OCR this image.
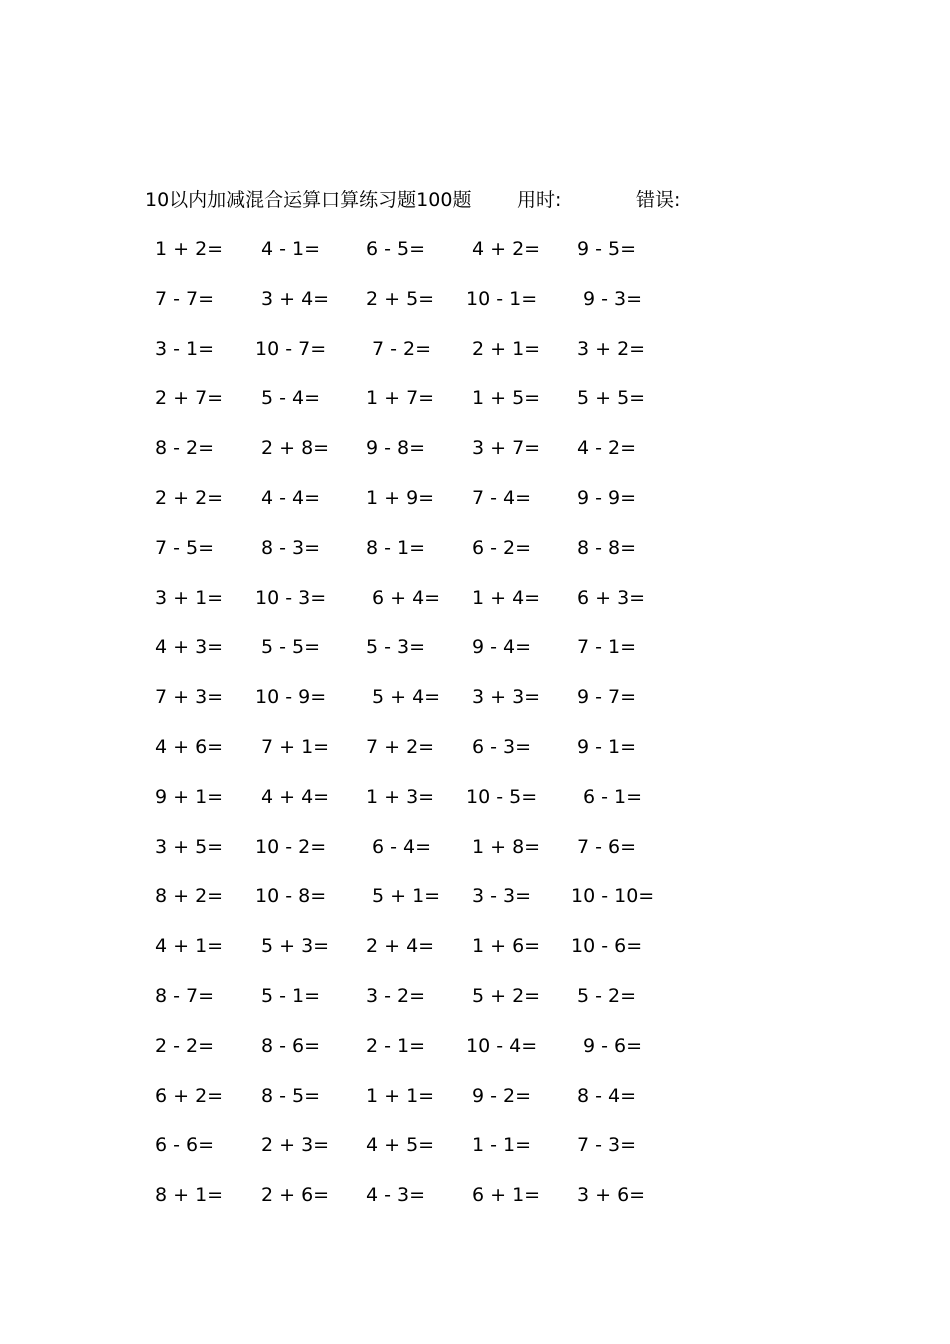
10以内加减混合运算口算练习题100题 用时:	错误:
1 + 2= 4 - 1= 6 - 5= 4 + 2= 9 - 5=
7 - 7= 3 + 4= 2 + 5= 10 - 1= 9 - 3=
3 - 1= 10 - 7= 7 - 2= 2 + 1= 3 + 2=
2 + 7= 5 - 4= 1 + 7= 1 + 5= 5 + 5=
8 - 2= 2 + 8= 9 - 8= 3 + 7= 4 - 2=
2 + 2= 4 - 4= 1 + 9= 7 - 4= 9 - 9=
7 - 5= 8 - 3= 8 - 1= 6 - 2= 8 - 8=
3 + 1= 10 - 3= 6 + 4= 1 + 4= 6 + 3=
4 + 3= 5 - 5= 5 - 3= 9 - 4= 7 - 1=
7 + 3= 10 - 9= 5 + 4= 3 + 3= 9 - 7=
4 + 6= 7 + 1= 7 + 2= 6 - 3= 9 - 1=
9 + 1= 4 + 4= 1 + 3= 10 - 5= 6 - 1=
3 + 5= 10 - 2= 6 - 4= 1 + 8= 7 - 6=
8 + 2= 10 - 8= 5 + 1= 3 - 3= 10 - 10=
4 + 1= 5 + 3= 2 + 4= 1 + 6= 10 - 6=
8 - 7= 5 - 1= 3 - 2= 5 + 2= 5 - 2=
2 - 2= 8 - 6= 2 - 1= 10 - 4= 9 - 6=
6 + 2= 8 - 5= 1 + 1= 9 - 2= 8 - 4=
6 - 6= 2 + 3= 4 + 5= 1 - 1= 7 - 3=
8 + 1= 2 + 6= 4 - 3= 6 + 1= 3 + 6=
